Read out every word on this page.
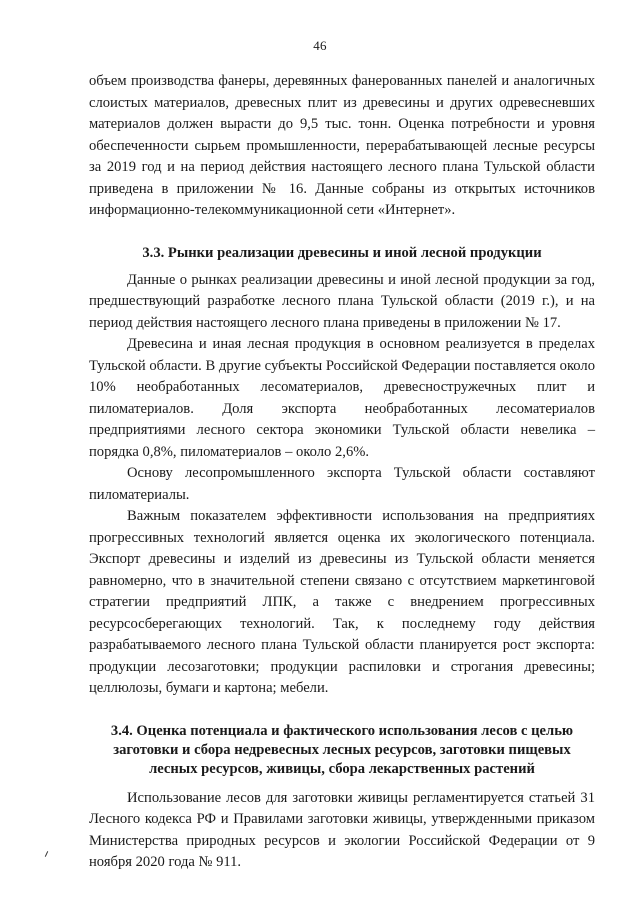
46

объем производства фанеры, деревянных фанерованных панелей и аналогичных слоистых материалов, древесных плит из древесины и других одревесневших материалов должен вырасти до 9,5 тыс. тонн. Оценка потребности и уровня обеспеченности сырьем промышленности, перерабатывающей лесные ресурсы за 2019 год и на период действия настоящего лесного плана Тульской области приведена в приложении № 16. Данные собраны из открытых источников информационно-телекоммуникационной сети «Интернет».

3.3. Рынки реализации древесины и иной лесной продукции

Данные о рынках реализации древесины и иной лесной продукции за год, предшествующий разработке лесного плана Тульской области (2019 г.), и на период действия настоящего лесного плана приведены в приложении № 17.

Древесина и иная лесная продукция в основном реализуется в пределах Тульской области. В другие субъекты Российской Федерации поставляется около 10% необработанных лесоматериалов, древесностружечных плит и пиломатериалов. Доля экспорта необработанных лесоматериалов предприятиями лесного сектора экономики Тульской области невелика – порядка 0,8%, пиломатериалов – около 2,6%.

Основу лесопромышленного экспорта Тульской области составляют пиломатериалы.

Важным показателем эффективности использования на предприятиях прогрессивных технологий является оценка их экологического потенциала. Экспорт древесины и изделий из древесины из Тульской области меняется равномерно, что в значительной степени связано с отсутствием маркетинговой стратегии предприятий ЛПК, а также с внедрением прогрессивных ресурсосберегающих технологий. Так, к последнему году действия разрабатываемого лесного плана Тульской области планируется рост экспорта: продукции лесозаготовки; продукции распиловки и строгания древесины; целлюлозы, бумаги и картона; мебели.

3.4. Оценка потенциала и фактического использования лесов с целью заготовки и сбора недревесных лесных ресурсов, заготовки пищевых лесных ресурсов, живицы, сбора лекарственных растений

Использование лесов для заготовки живицы регламентируется статьей 31 Лесного кодекса РФ и Правилами заготовки живицы, утвержденными приказом Министерства природных ресурсов и экологии Российской Федерации от 9 ноября 2020 года № 911.
